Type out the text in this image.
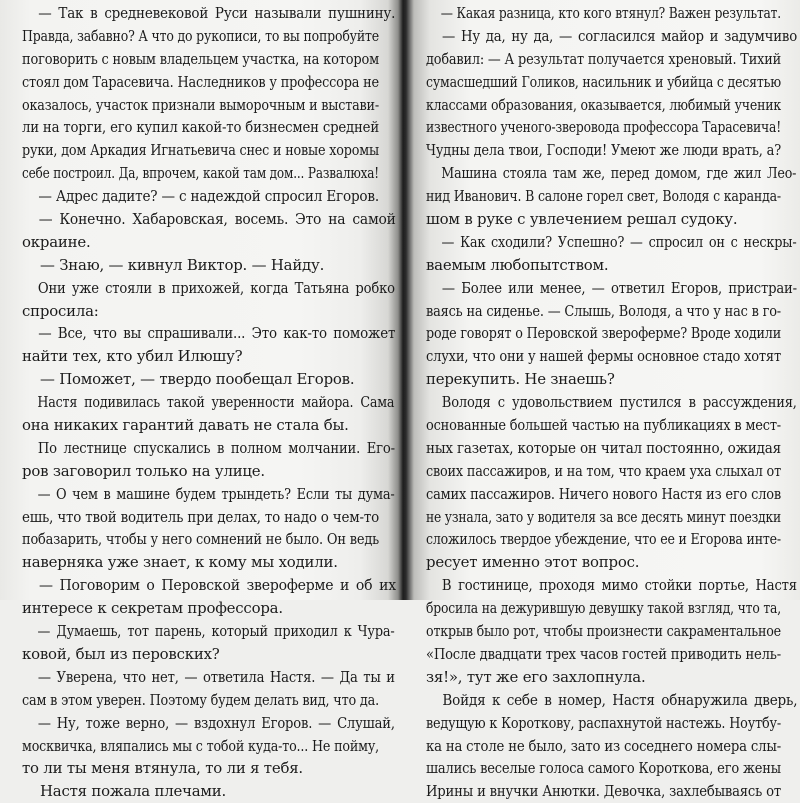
— Так в средневековой Руси называли пушнину.
Правда, забавно? А что до рукописи, то вы попробуйте
поговорить с новым владельцем участка, на котором
стоял дом Тарасевича. Наследников у профессора не
оказалось, участок признали выморочным и выстави-
ли на торги, его купил какой-то бизнесмен средней
руки, дом Аркадия Игнатьевича снес и новые хоромы
себе построил. Да, впрочем, какой там дом... Развалюха!
— Адрес дадите? — с надеждой спросил Егоров.
— Конечно. Хабаровская, восемь. Это на самой
окраине.
— Знаю, — кивнул Виктор. — Найду.
Они уже стояли в прихожей, когда Татьяна робко
спросила:
— Все, что вы спрашивали... Это как-то поможет
найти тех, кто убил Илюшу?
— Поможет, — твердо пообещал Егоров.
Настя подивилась такой уверенности майора. Сама
она никаких гарантий давать не стала бы.
По лестнице спускались в полном молчании. Его-
ров заговорил только на улице.
— О чем в машине будем трындеть? Если ты дума-
ешь, что твой водитель при делах, то надо о чем-то
побазарить, чтобы у него сомнений не было. Он ведь
наверняка уже знает, к кому мы ходили.
— Поговорим о Перовской звероферме и об их
интересе к секретам профессора.
— Думаешь, тот парень, который приходил к Чура-
ковой, был из перовских?
— Уверена, что нет, — ответила Настя. — Да ты и
сам в этом уверен. Поэтому будем делать вид, что да.
— Ну, тоже верно, — вздохнул Егоров. — Слушай,
москвичка, вляпались мы с тобой куда-то... Не пойму,
то ли ты меня втянула, то ли я тебя.
Настя пожала плечами.
— Какая разница, кто кого втянул? Важен результат.
— Ну да, ну да, — согласился майор и задумчиво
добавил: — А результат получается хреновый. Тихий
сумасшедший Голиков, насильник и убийца с десятью
классами образования, оказывается, любимый ученик
известного ученого-зверовода профессора Тарасевича!
Чудны дела твои, Господи! Умеют же люди врать, а?
Машина стояла там же, перед домом, где жил Лео-
нид Иванович. В салоне горел свет, Володя с каранда-
шом в руке с увлечением решал судоку.
— Как сходили? Успешно? — спросил он с нескры-
ваемым любопытством.
— Более или менее, — ответил Егоров, пристраи-
ваясь на сиденье. — Слышь, Володя, а что у нас в го-
роде говорят о Перовской звероферме? Вроде ходили
слухи, что они у нашей фермы основное стадо хотят
перекупить. Не знаешь?
Володя с удовольствием пустился в рассуждения,
основанные большей частью на публикациях в мест-
ных газетах, которые он читал постоянно, ожидая
своих пассажиров, и на том, что краем уха слыхал от
самих пассажиров. Ничего нового Настя из его слов
не узнала, зато у водителя за все десять минут поездки
сложилось твердое убеждение, что ее и Егорова инте-
ресует именно этот вопрос.
В гостинице, проходя мимо стойки портье, Настя
бросила на дежурившую девушку такой взгляд, что та,
открыв было рот, чтобы произнести сакраментальное
«После двадцати трех часов гостей приводить нель-
зя!», тут же его захлопнула.
Войдя к себе в номер, Настя обнаружила дверь,
ведущую к Короткову, распахнутой настежь. Ноутбу-
ка на столе не было, зато из соседнего номера слы-
шались веселые голоса самого Короткова, его жены
Ирины и внучки Анютки. Девочка, захлебываясь от
